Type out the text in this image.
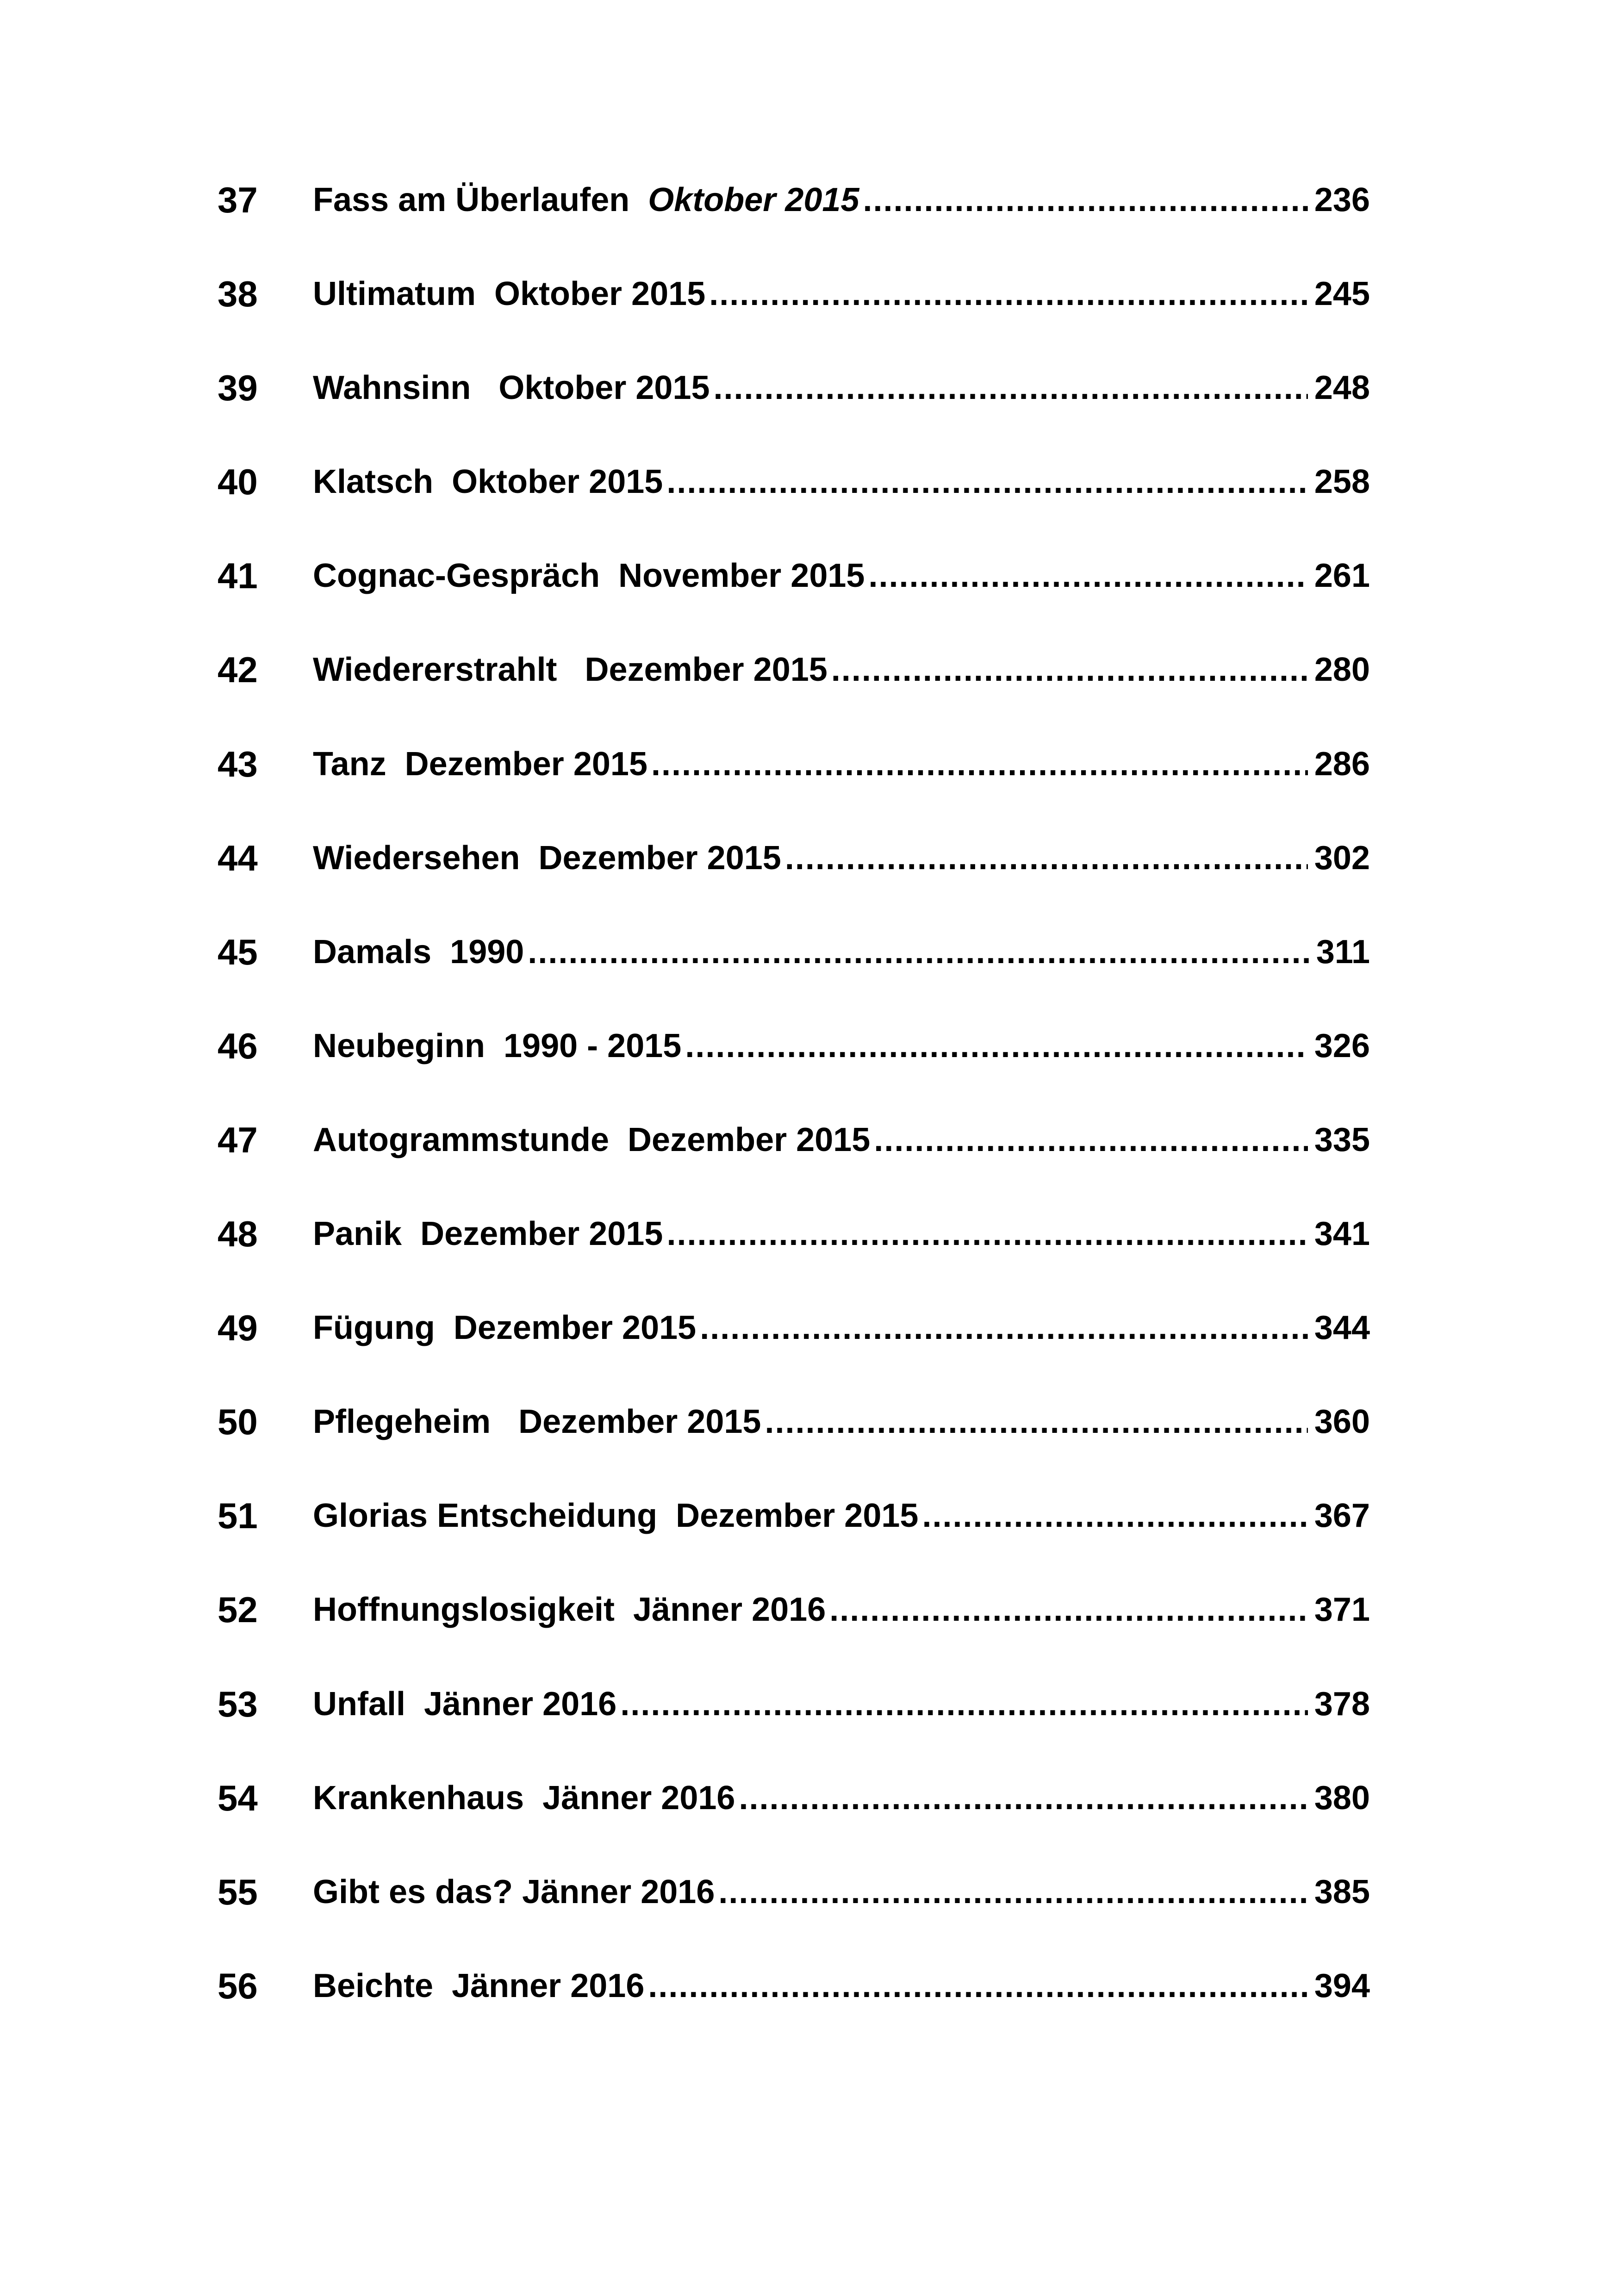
37	Fass am Überlaufen Oktober 2015 .....	236
38	Ultimatum Oktober 2015 .....	245
39	Wahnsinn Oktober 2015 .....	248
40	Klatsch Oktober 2015 .....	258
41	Cognac-Gespräch November 2015 .....	261
42	Wiedererstrahlt Dezember 2015 .....	280
43	Tanz Dezember 2015 .....	286
44	Wiedersehen Dezember 2015 .....	302
45	Damals 1990 .....	311
46	Neubeginn 1990 - 2015 .....	326
47	Autogrammstunde Dezember 2015 .....	335
48	Panik Dezember 2015 .....	341
49	Fügung Dezember 2015 .....	344
50	Pflegeheim Dezember 2015 .....	360
51	Glorias Entscheidung Dezember 2015 .....	367
52	Hoffnungslosigkeit Jänner 2016 .....	371
53	Unfall Jänner 2016 .....	378
54	Krankenhaus Jänner 2016 .....	380
55	Gibt es das? Jänner 2016 .....	385
56	Beichte Jänner 2016 .....	394
